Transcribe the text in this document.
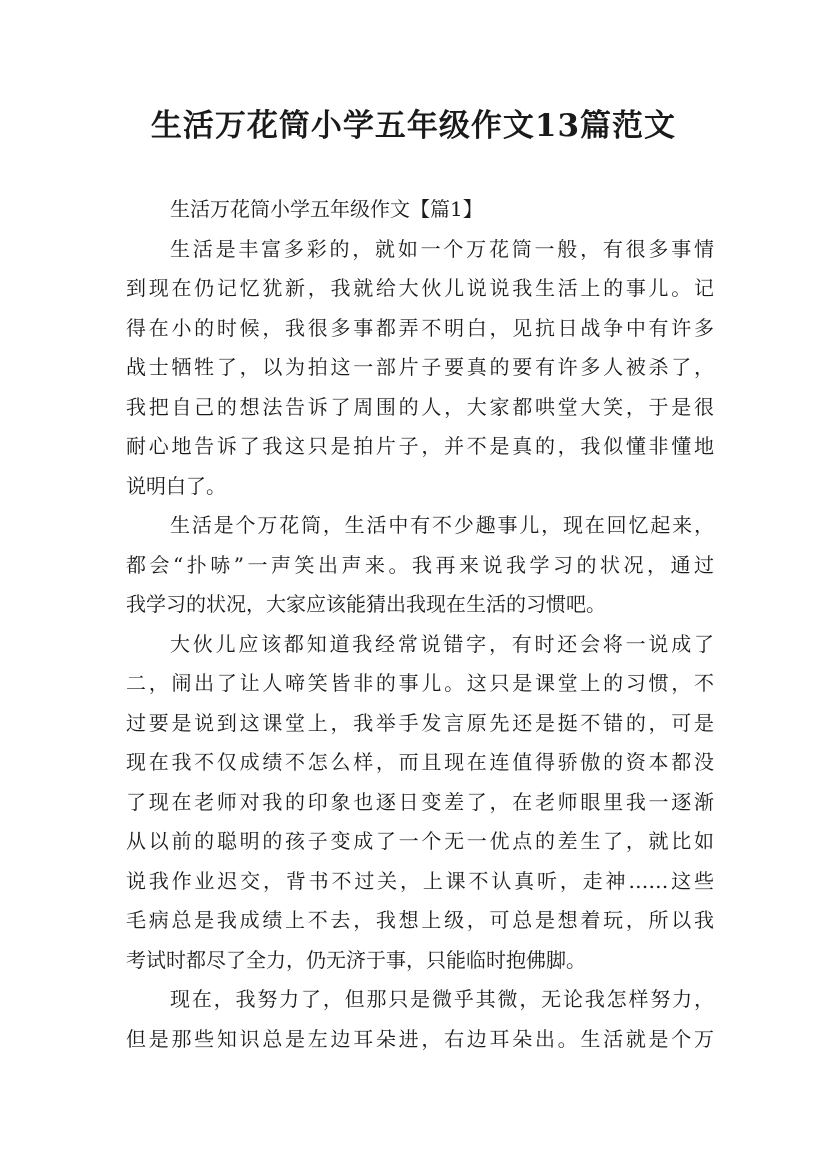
生活万花筒小学五年级作文13篇范文
生活万花筒小学五年级作文【篇1】
生活是丰富多彩的，就如一个万花筒一般，有很多事情
到现在仍记忆犹新，我就给大伙儿说说我生活上的事儿。记
得在小的时候，我很多事都弄不明白，见抗日战争中有许多
战士牺牲了，以为拍这一部片子要真的要有许多人被杀了，
我把自己的想法告诉了周围的人，大家都哄堂大笑，于是很
耐心地告诉了我这只是拍片子，并不是真的，我似懂非懂地
说明白了。
生活是个万花筒，生活中有不少趣事儿，现在回忆起来，
都会“扑哧”一声笑出声来。我再来说我学习的状况，通过
我学习的状况，大家应该能猜出我现在生活的习惯吧。
大伙儿应该都知道我经常说错字，有时还会将一说成了
二，闹出了让人啼笑皆非的事儿。这只是课堂上的习惯，不
过要是说到这课堂上，我举手发言原先还是挺不错的，可是
现在我不仅成绩不怎么样，而且现在连值得骄傲的资本都没
了现在老师对我的印象也逐日变差了，在老师眼里我一逐渐
从以前的聪明的孩子变成了一个无一优点的差生了，就比如
说我作业迟交，背书不过关，上课不认真听，走神……这些
毛病总是我成绩上不去，我想上级，可总是想着玩，所以我
考试时都尽了全力，仍无济于事，只能临时抱佛脚。
现在，我努力了，但那只是微乎其微，无论我怎样努力，
但是那些知识总是左边耳朵进，右边耳朵出。生活就是个万
